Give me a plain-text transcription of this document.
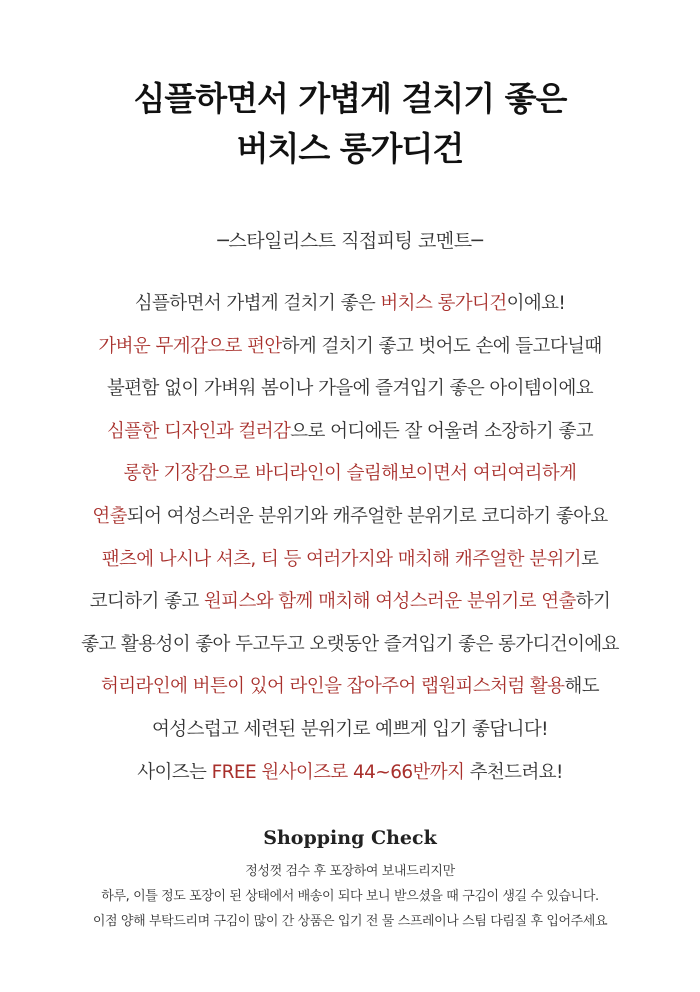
심플하면서 가볍게 걸치기 좋은
버치스 롱가디건
─스타일리스트 직접피팅 코멘트─
심플하면서 가볍게 걸치기 좋은 버치스 롱가디건이에요!
가벼운 무게감으로 편안하게 걸치기 좋고 벗어도 손에 들고다닐때
불편함 없이 가벼워 봄이나 가을에 즐겨입기 좋은 아이템이에요
심플한 디자인과 컬러감으로 어디에든 잘 어울려 소장하기 좋고
롱한 기장감으로 바디라인이 슬림해보이면서 여리여리하게
연출되어 여성스러운 분위기와 캐주얼한 분위기로 코디하기 좋아요
팬츠에 나시나 셔츠, 티 등 여러가지와 매치해 캐주얼한 분위기로
코디하기 좋고 원피스와 함께 매치해 여성스러운 분위기로 연출하기
좋고 활용성이 좋아 두고두고 오랫동안 즐겨입기 좋은 롱가디건이에요
허리라인에 버튼이 있어 라인을 잡아주어 랩원피스처럼 활용해도
여성스럽고 세련된 분위기로 예쁘게 입기 좋답니다!
사이즈는 FREE 원사이즈로 44~66반까지 추천드려요!
Shopping Check
정성껏 검수 후 포장하여 보내드리지만
하루, 이틀 정도 포장이 된 상태에서 배송이 되다 보니 받으셨을 때 구김이 생길 수 있습니다.
이점 양해 부탁드리며 구김이 많이 간 상품은 입기 전 물 스프레이나 스팀 다림질 후 입어주세요
